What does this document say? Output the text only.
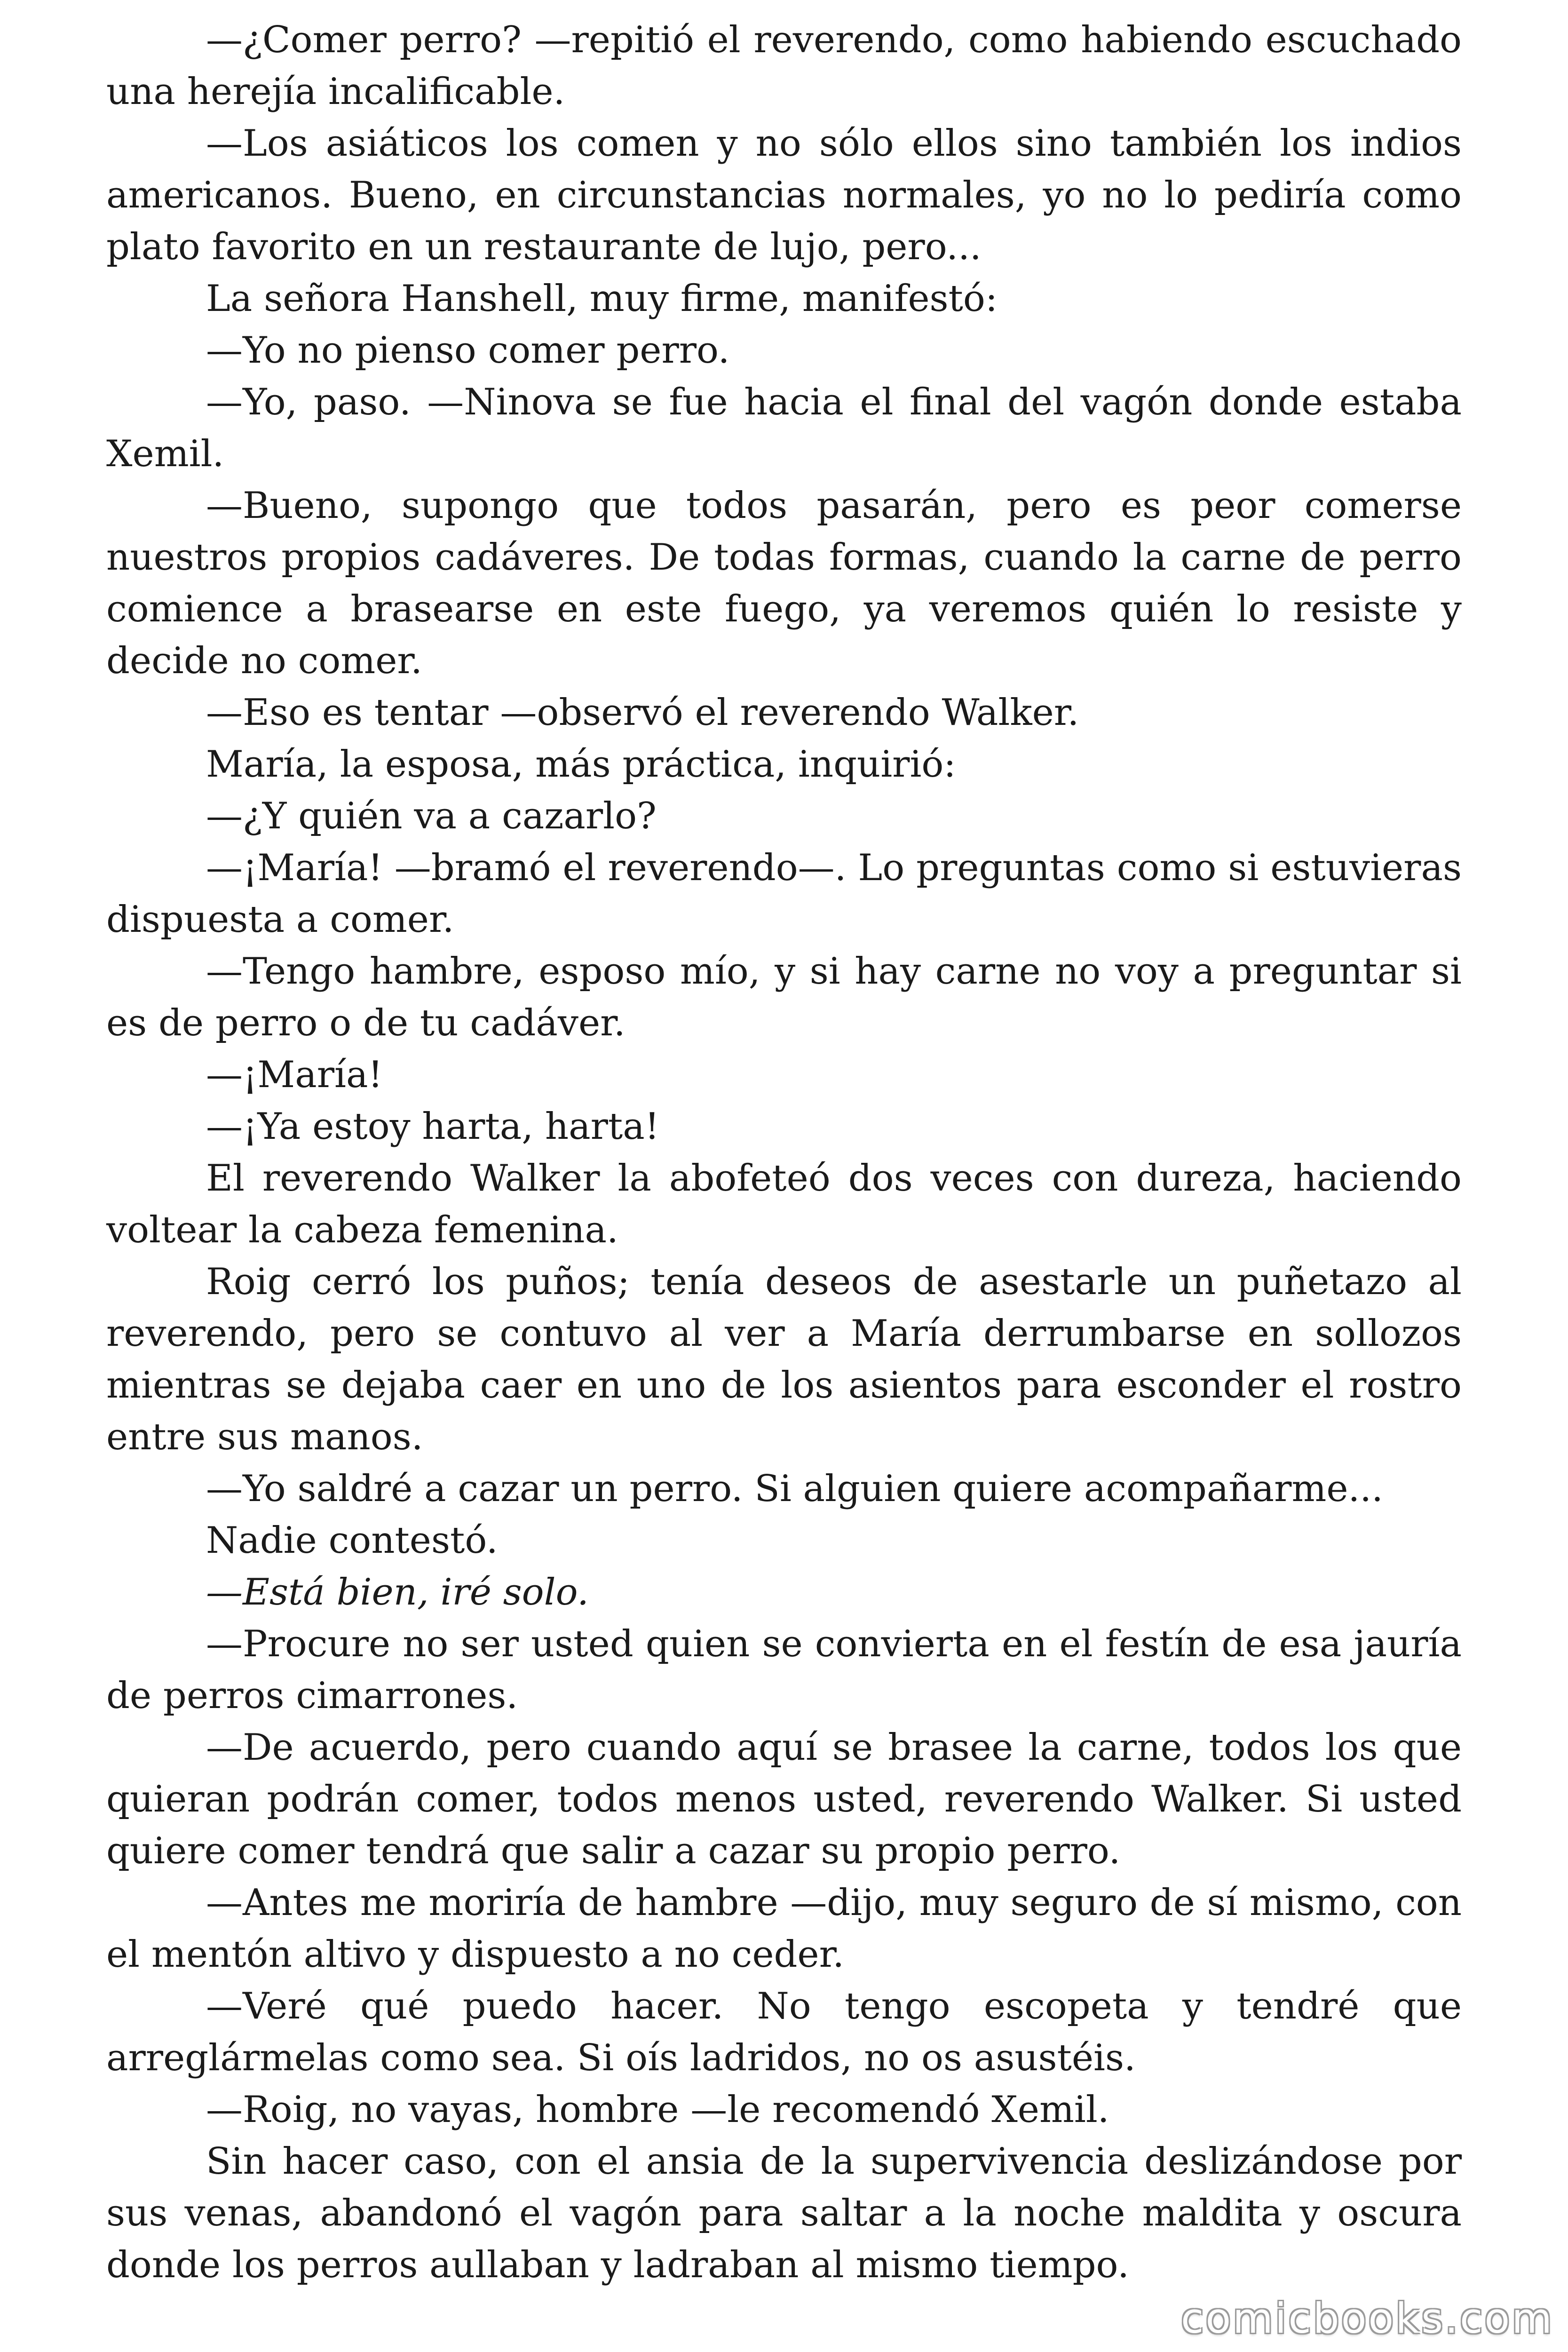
—¿Comer perro? —repitió el reverendo, como habiendo escuchado una herejía incalificable.

—Los asiáticos los comen y no sólo ellos sino también los indios americanos. Bueno, en circunstancias normales, yo no lo pediría como plato favorito en un restaurante de lujo, pero...

La señora Hanshell, muy firme, manifestó:

—Yo no pienso comer perro.

—Yo, paso. —Ninova se fue hacia el final del vagón donde estaba Xemil.

—Bueno, supongo que todos pasarán, pero es peor comerse nuestros propios cadáveres. De todas formas, cuando la carne de perro comience a brasearse en este fuego, ya veremos quién lo resiste y decide no comer.

—Eso es tentar —observó el reverendo Walker.

María, la esposa, más práctica, inquirió:

—¿Y quién va a cazarlo?

—¡María! —bramó el reverendo—. Lo preguntas como si estuvieras dispuesta a comer.

—Tengo hambre, esposo mío, y si hay carne no voy a preguntar si es de perro o de tu cadáver.

—¡María!

—¡Ya estoy harta, harta!

El reverendo Walker la abofeteó dos veces con dureza, haciendo voltear la cabeza femenina.

Roig cerró los puños; tenía deseos de asestarle un puñetazo al reverendo, pero se contuvo al ver a María derrumbarse en sollozos mientras se dejaba caer en uno de los asientos para esconder el rostro entre sus manos.

—Yo saldré a cazar un perro. Si alguien quiere acompañarme...

Nadie contestó.

—Está bien, iré solo.

—Procure no ser usted quien se convierta en el festín de esa jauría de perros cimarrones.

—De acuerdo, pero cuando aquí se brasee la carne, todos los que quieran podrán comer, todos menos usted, reverendo Walker. Si usted quiere comer tendrá que salir a cazar su propio perro.

—Antes me moriría de hambre —dijo, muy seguro de sí mismo, con el mentón altivo y dispuesto a no ceder.

—Veré qué puedo hacer. No tengo escopeta y tendré que arreglármelas como sea. Si oís ladridos, no os asustéis.

—Roig, no vayas, hombre —le recomendó Xemil.

Sin hacer caso, con el ansia de la supervivencia deslizándose por sus venas, abandonó el vagón para saltar a la noche maldita y oscura donde los perros aullaban y ladraban al mismo tiempo.

comicbooks.com
